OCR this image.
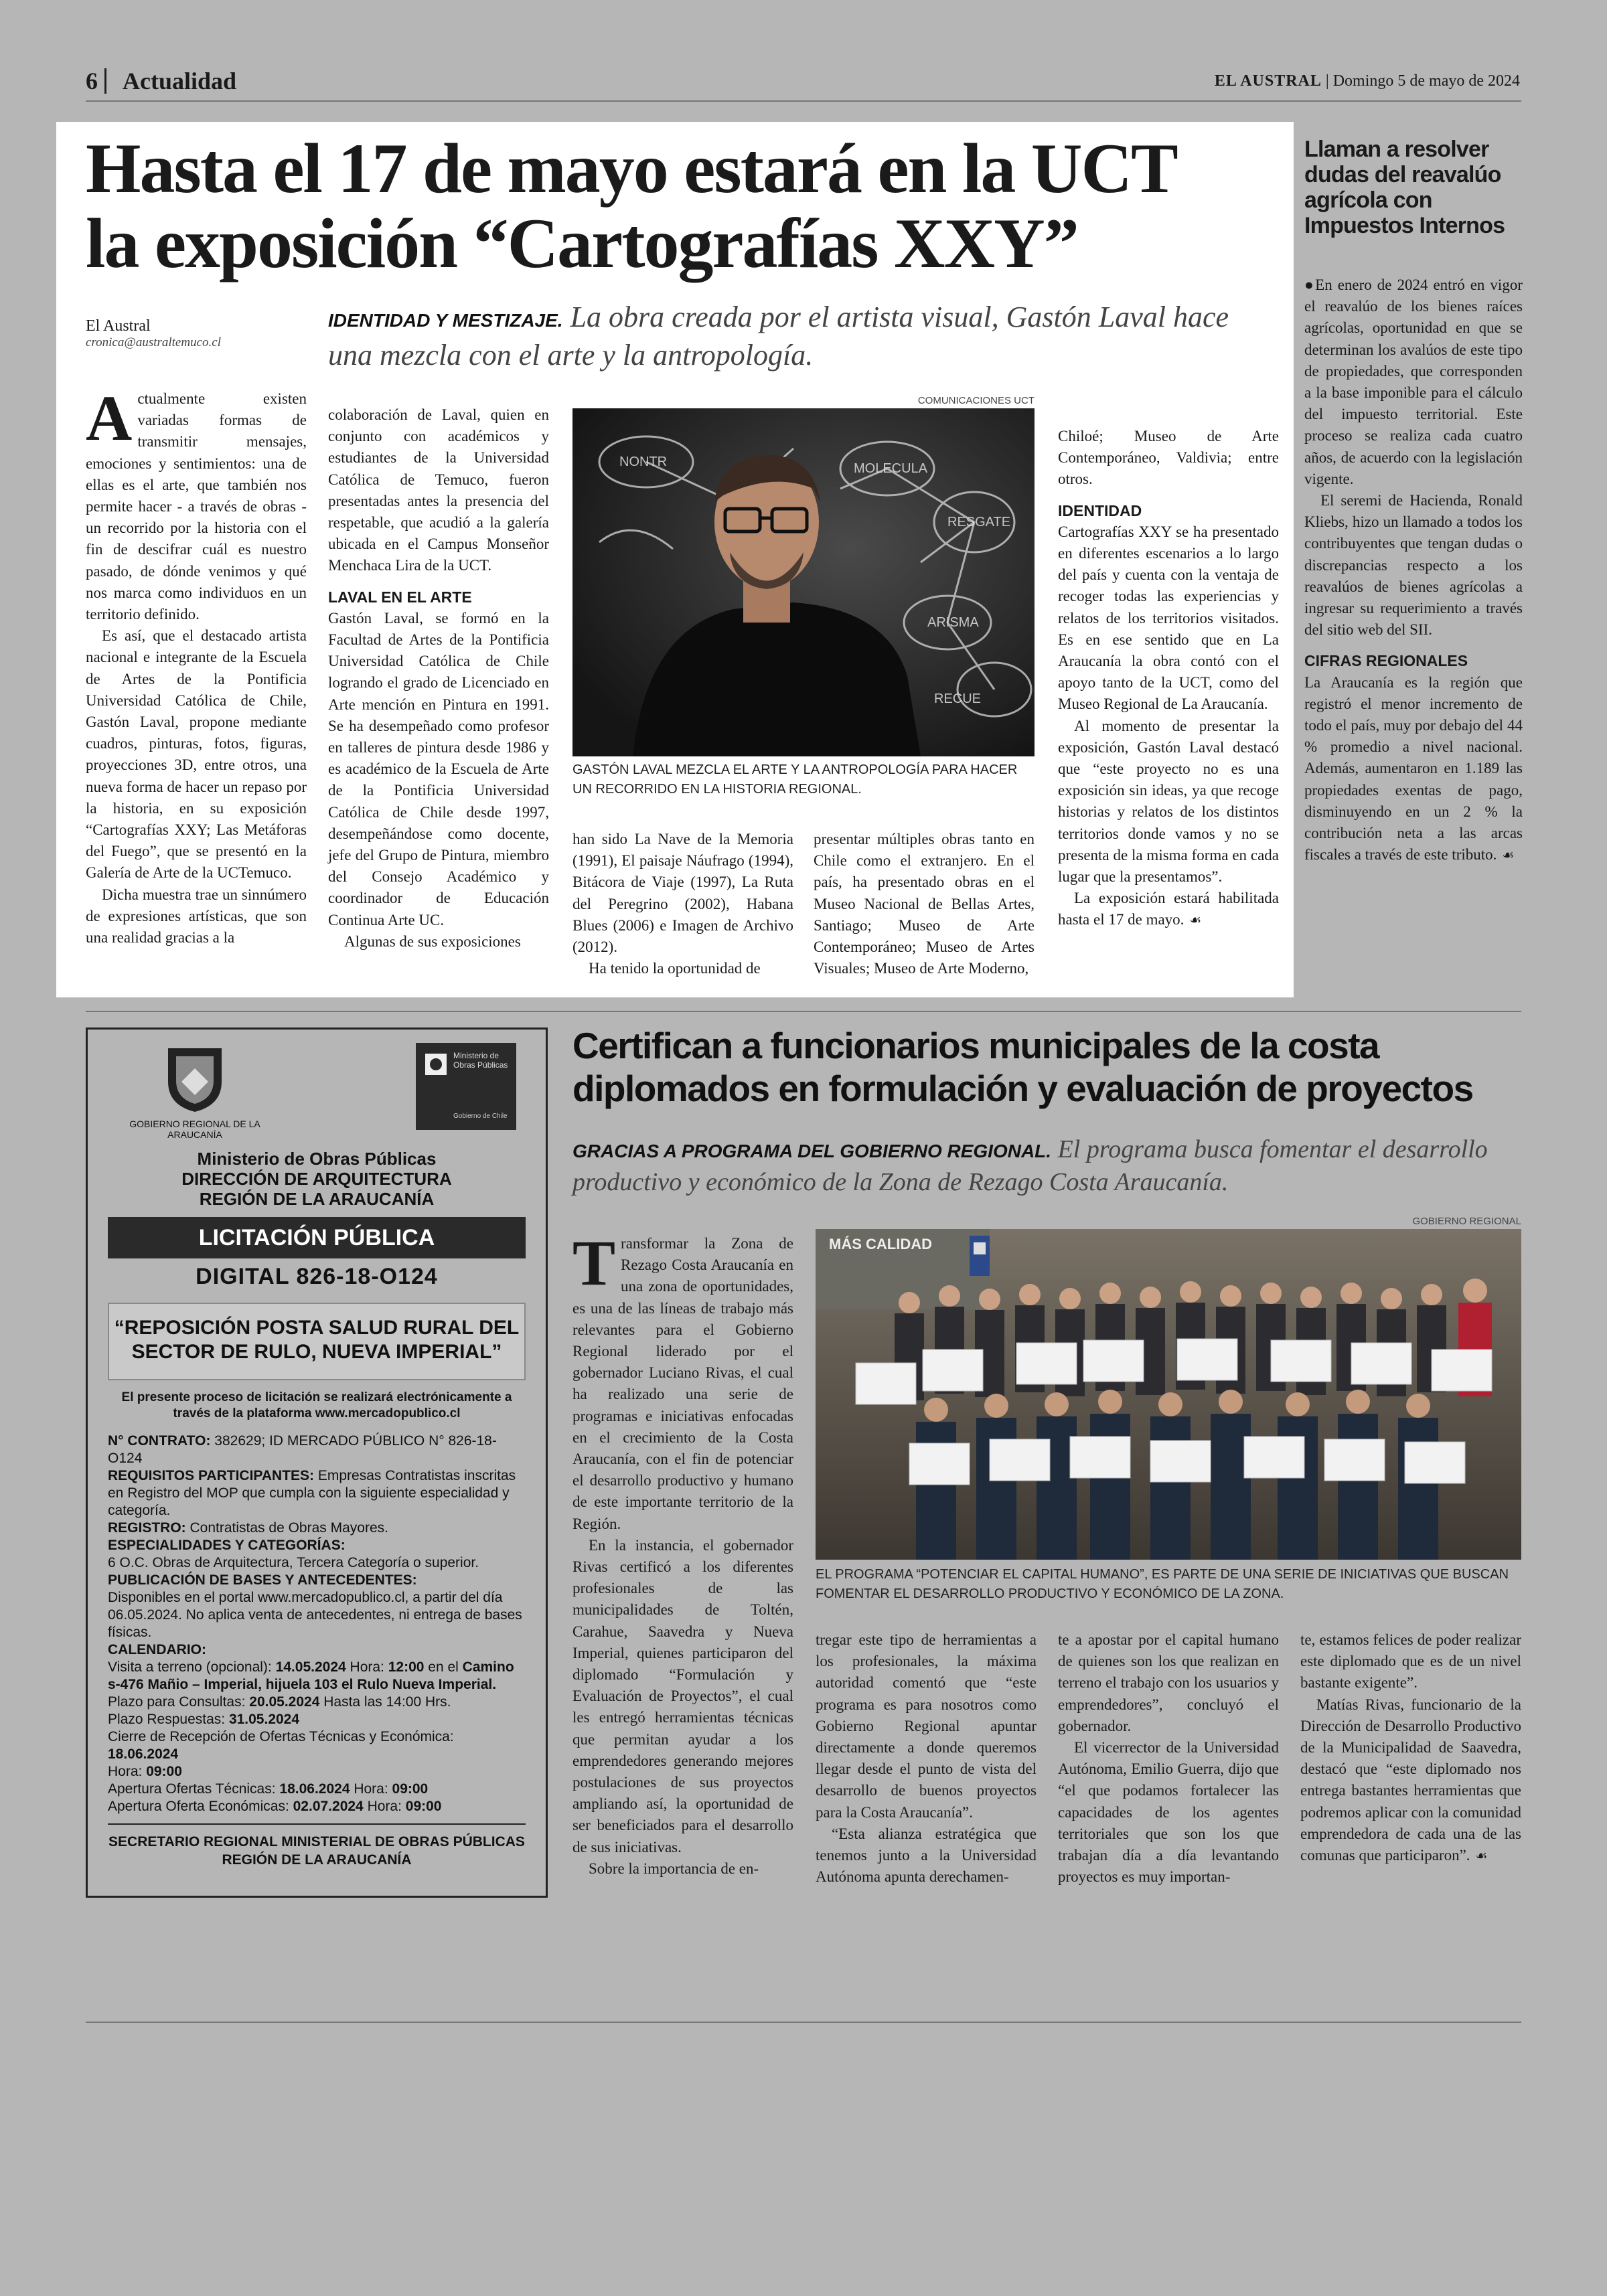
6 Actualidad	EL AUSTRAL | Domingo 5 de mayo de 2024
Hasta el 17 de mayo estará en la UCT
la exposición “Cartografías XXY”
El Austral
cronica@australtemuco.cl
IDENTIDAD Y MESTIZAJE. La obra creada por el artista visual, Gastón Laval hace una mezcla con el arte y la antropología.

Actualmente existen variadas formas de transmitir mensajes, emociones y sentimientos: una de ellas es el arte, que también nos permite hacer - a través de obras - un recorrido por la historia con el fin de descifrar cuál es nuestro pasado, de dónde venimos y qué nos marca como individuos en un territorio definido.

Es así, que el destacado artista nacional e integrante de la Escuela de Artes de la Pontificia Universidad Católica de Chile, Gastón Laval, propone mediante cuadros, pinturas, fotos, figuras, proyecciones 3D, entre otros, una nueva forma de hacer un repaso por la historia, en su exposición “Cartografías XXY; Las Metáforas del Fuego”, que se presentó en la Galería de Arte de la UCTemuco.

Dicha muestra trae un sinnúmero de expresiones artísticas, que son una realidad gracias a la

colaboración de Laval, quien en conjunto con académicos y estudiantes de la Universidad Católica de Temuco, fueron presentadas antes la presencia del respetable, que acudió a la galería ubicada en el Campus Monseñor Menchaca Lira de la UCT.

LAVAL EN EL ARTE

Gastón Laval, se formó en la Facultad de Artes de la Pontificia Universidad Católica de Chile logrando el grado de Licenciado en Arte mención en Pintura en 1991. Se ha desempeñado como profesor en talleres de pintura desde 1986 y es académico de la Escuela de Arte de la Pontificia Universidad Católica de Chile desde 1997, desempeñándose como docente, jefe del Grupo de Pintura, miembro del Consejo Académico y coordinador de Educación Continua Arte UC.

Algunas de sus exposiciones

COMUNICACIONES UCT
MOLECULA
RESGATE
RECUE
ARISMA
NONTR
GASTÓN LAVAL MEZCLA EL ARTE Y LA ANTROPOLOGÍA PARA HACER UN RECORRIDO EN LA HISTORIA REGIONAL.

han sido La Nave de la Memoria (1991), El paisaje Náufrago (1994), Bitácora de Viaje (1997), La Ruta del Peregrino (2002), Habana Blues (2006) e Imagen de Archivo (2012).

Ha tenido la oportunidad de

presentar múltiples obras tanto en Chile como el extranjero. En el país, ha presentado obras en el Museo Nacional de Bellas Artes, Santiago; Museo de Arte Contemporáneo; Museo de Artes Visuales; Museo de Arte Moderno,

Chiloé; Museo de Arte Contemporáneo, Valdivia; entre otros.

IDENTIDAD

Cartografías XXY se ha presentado en diferentes escenarios a lo largo del país y cuenta con la ventaja de recoger todas las experiencias y relatos de los territorios visitados. Es en ese sentido que en La Araucanía la obra contó con el apoyo tanto de la UCT, como del Museo Regional de La Araucanía.

Al momento de presentar la exposición, Gastón Laval destacó que “este proyecto no es una exposición sin ideas, ya que recoge historias y relatos de los distintos territorios donde vamos y no se presenta de la misma forma en cada lugar que la presentamos”.

La exposición estará habilitada hasta el 17 de mayo. ☙

Llaman a resolver dudas del reavalúo agrícola con Impuestos Internos

●En enero de 2024 entró en vigor el reavalúo de los bienes raíces agrícolas, oportunidad en que se determinan los avalúos de este tipo de propiedades, que corresponden a la base imponible para el cálculo del impuesto territorial. Este proceso se realiza cada cuatro años, de acuerdo con la legislación vigente.

El seremi de Hacienda, Ronald Kliebs, hizo un llamado a todos los contribuyentes que tengan dudas o discrepancias respecto a los reavalúos de bienes agrícolas a ingresar su requerimiento a través del sitio web del SII.

CIFRAS REGIONALES

La Araucanía es la región que registró el menor incremento de todo el país, muy por debajo del 44 % promedio a nivel nacional. Además, aumentaron en 1.189 las propiedades exentas de pago, disminuyendo en un 2 % la contribución neta a las arcas fiscales a través de este tributo. ☙

GOBIERNO REGIONAL DE LA ARAUCANÍA
Ministerio de Obras Públicas
Gobierno de Chile
Ministerio de Obras Públicas
DIRECCIÓN DE ARQUITECTURA
REGIÓN DE LA ARAUCANÍA
LICITACIÓN PÚBLICA
DIGITAL 826-18-O124
“REPOSICIÓN POSTA SALUD RURAL DEL SECTOR DE RULO, NUEVA IMPERIAL”
El presente proceso de licitación se realizará electrónicamente a través de la plataforma www.mercadopublico.cl
N° CONTRATO: 382629; ID MERCADO PÚBLICO N° 826-18-O124
REQUISITOS PARTICIPANTES: Empresas Contratistas inscritas en Registro del MOP que cumpla con la siguiente especialidad y categoría.
REGISTRO: Contratistas de Obras Mayores.
ESPECIALIDADES Y CATEGORÍAS:
6 O.C. Obras de Arquitectura, Tercera Categoría o superior.
PUBLICACIÓN DE BASES Y ANTECEDENTES:
Disponibles en el portal www.mercadopublico.cl, a partir del día 06.05.2024. No aplica venta de antecedentes, ni entrega de bases físicas.
CALENDARIO:
Visita a terreno (opcional): 14.05.2024 Hora: 12:00 en el Camino s-476 Mañio – Imperial, hijuela 103 el Rulo Nueva Imperial.
Plazo para Consultas: 20.05.2024 Hasta las 14:00 Hrs.
Plazo Respuestas: 31.05.2024
Cierre de Recepción de Ofertas Técnicas y Económica: 18.06.2024
Hora: 09:00
Apertura Ofertas Técnicas: 18.06.2024 Hora: 09:00
Apertura Oferta Económicas: 02.07.2024 Hora: 09:00
SECRETARIO REGIONAL MINISTERIAL DE OBRAS PÚBLICAS REGIÓN DE LA ARAUCANÍA
Certifican a funcionarios municipales de la costa
diplomados en formulación y evaluación de proyectos
GRACIAS A PROGRAMA DEL GOBIERNO REGIONAL. El programa busca fomentar el desarrollo productivo y económico de la Zona de Rezago Costa Araucanía.

Transformar la Zona de Rezago Costa Araucanía en una zona de oportunidades, es una de las líneas de trabajo más relevantes para el Gobierno Regional liderado por el gobernador Luciano Rivas, el cual ha realizado una serie de programas e iniciativas enfocadas en el crecimiento de la Costa Araucanía, con el fin de potenciar el desarrollo productivo y humano de este importante territorio de la Región.

En la instancia, el gobernador Rivas certificó a los diferentes profesionales de las municipalidades de Toltén, Carahue, Saavedra y Nueva Imperial, quienes participaron del diplomado “Formulación y Evaluación de Proyectos”, el cual les entregó herramientas técnicas que permitan ayudar a los emprendedores generando mejores postulaciones de sus proyectos ampliando así, la oportunidad de ser beneficiados para el desarrollo de sus iniciativas.

Sobre la importancia de en-

GOBIERNO REGIONAL
MÁS CALIDAD
EL PROGRAMA “POTENCIAR EL CAPITAL HUMANO”, ES PARTE DE UNA SERIE DE INICIATIVAS QUE BUSCAN FOMENTAR EL DESARROLLO PRODUCTIVO Y ECONÓMICO DE LA ZONA.

tregar este tipo de herramientas a los profesionales, la máxima autoridad comentó que “este programa es para nosotros como Gobierno Regional apuntar directamente a donde queremos llegar desde el punto de vista del desarrollo de buenos proyectos para la Costa Araucanía”.

“Esta alianza estratégica que tenemos junto a la Universidad Autónoma apunta derechamen-

te a apostar por el capital humano de quienes son los que realizan en terreno el trabajo con los usuarios y emprendedores”, concluyó el gobernador.

El vicerrector de la Universidad Autónoma, Emilio Guerra, dijo que “el que podamos fortalecer las capacidades de los agentes territoriales que son los que trabajan día a día levantando proyectos es muy importan-

te, estamos felices de poder realizar este diplomado que es de un nivel bastante exigente”.

Matías Rivas, funcionario de la Dirección de Desarrollo Productivo de la Municipalidad de Saavedra, destacó que “este diplomado nos entrega bastantes herramientas que podremos aplicar con la comunidad emprendedora de cada una de las comunas que participaron”. ☙
